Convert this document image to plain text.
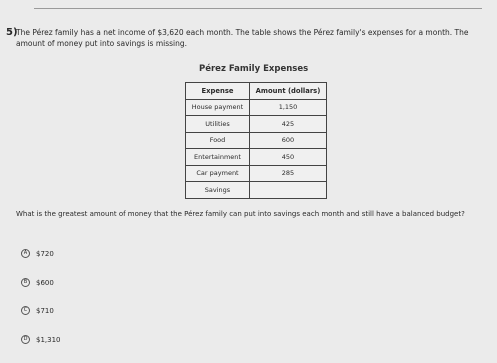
5)
The Pérez family has a net income of $3,620 each month. The table shows the Pérez family's expenses for a month. The amount of money put into savings is missing.
Pérez Family Expenses
Expense	Amount (dollars)
House payment	1,150
Utilities	425
Food	600
Entertainment	450
Car payment	285
Savings	
What is the greatest amount of money that the Pérez family can put into savings each month and still have a balanced budget?
A	$720
B	$600
C	$710
D	$1,310
